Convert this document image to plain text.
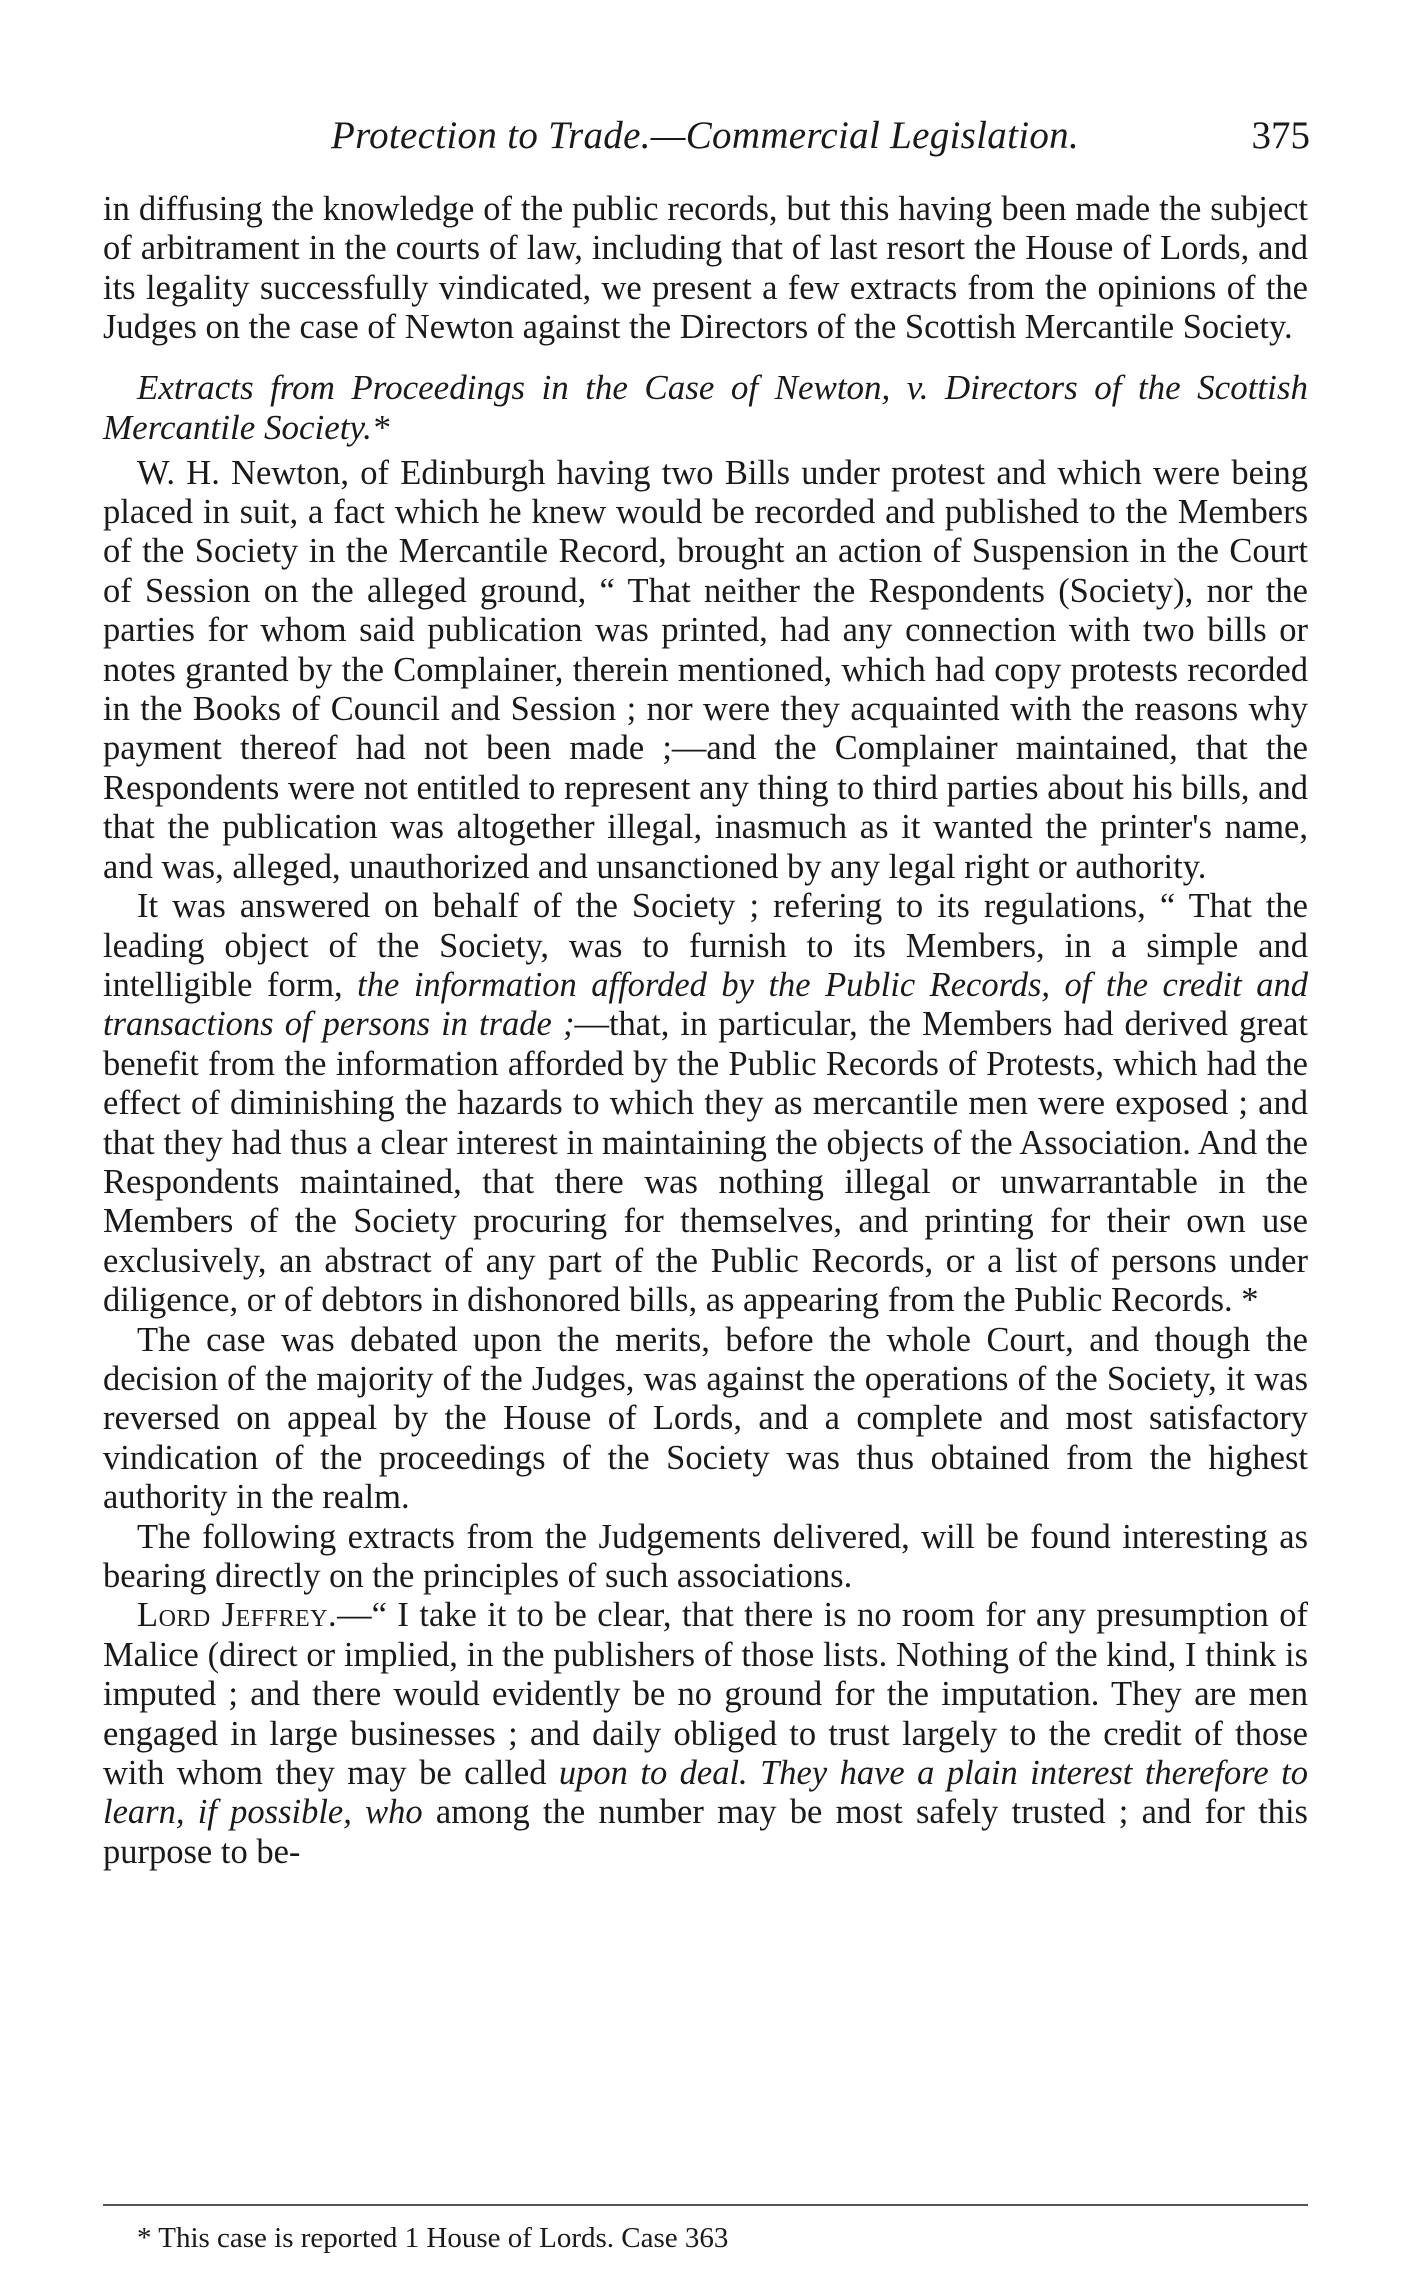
Protection to Trade.—Commercial Legislation.	375

in diffusing the knowledge of the public records, but this having been made the subject of arbitrament in the courts of law, including that of last resort the House of Lords, and its legality successfully vindicated, we present a few extracts from the opinions of the Judges on the case of Newton against the Directors of the Scottish Mercantile Society.

Extracts from Proceedings in the Case of Newton, v. Directors of the Scottish Mercantile Society.*

W. H. Newton, of Edinburgh having two Bills under protest and which were being placed in suit, a fact which he knew would be recorded and published to the Members of the Society in the Mercantile Record, brought an action of Suspension in the Court of Session on the alleged ground, “ That neither the Respondents (Society), nor the parties for whom said publication was printed, had any connection with two bills or notes granted by the Complainer, therein mentioned, which had copy protests recorded in the Books of Council and Session ; nor were they acquainted with the reasons why payment thereof had not been made ;—and the Complainer maintained, that the Respondents were not entitled to represent any thing to third parties about his bills, and that the publication was altogether illegal, inasmuch as it wanted the printer's name, and was, alleged, unauthorized and unsanctioned by any legal right or authority.

It was answered on behalf of the Society ; refering to its regulations, “ That the leading object of the Society, was to furnish to its Members, in a simple and intelligible form, the information afforded by the Public Records, of the credit and transactions of persons in trade ;—that, in particular, the Members had derived great benefit from the information afforded by the Public Records of Protests, which had the effect of diminishing the hazards to which they as mercantile men were exposed ; and that they had thus a clear interest in maintaining the objects of the Association. And the Respondents maintained, that there was nothing illegal or unwarrantable in the Members of the Society procuring for themselves, and printing for their own use exclusively, an abstract of any part of the Public Records, or a list of persons under diligence, or of debtors in dishonored bills, as appearing from the Public Records. *

The case was debated upon the merits, before the whole Court, and though the decision of the majority of the Judges, was against the operations of the Society, it was reversed on appeal by the House of Lords, and a complete and most satisfactory vindication of the proceedings of the Society was thus obtained from the highest authority in the realm.

The following extracts from the Judgements delivered, will be found interesting as bearing directly on the principles of such associations.

Lord Jeffrey.—“ I take it to be clear, that there is no room for any presumption of Malice (direct or implied, in the publishers of those lists. Nothing of the kind, I think is imputed ; and there would evidently be no ground for the imputation. They are men engaged in large businesses ; and daily obliged to trust largely to the credit of those with whom they may be called upon to deal. They have a plain interest therefore to learn, if possible, who among the number may be most safely trusted ; and for this purpose to be-

* This case is reported 1 House of Lords. Case 363
